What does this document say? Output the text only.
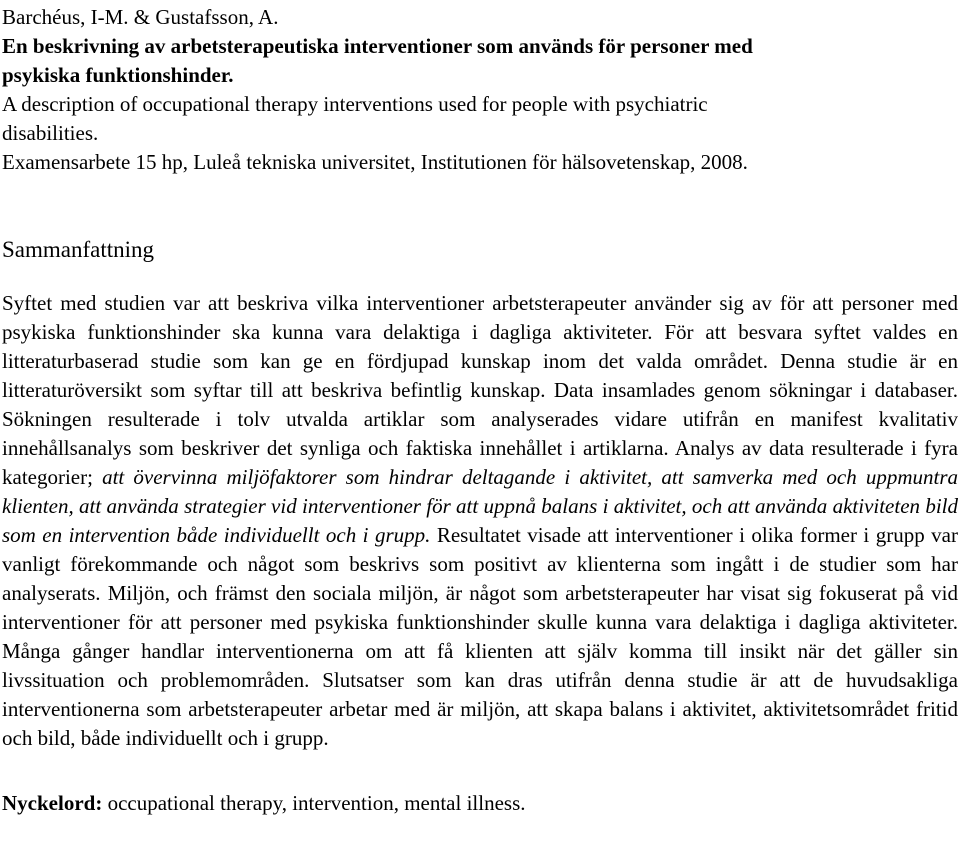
Barchéus, I-M. & Gustafsson, A.
En beskrivning av arbetsterapeutiska interventioner som används för personer med
psykiska funktionshinder.
A description of occupational therapy interventions used for people with psychiatric
disabilities.
Examensarbete 15 hp, Luleå tekniska universitet, Institutionen för hälsovetenskap, 2008.
Sammanfattning

Syftet med studien var att beskriva vilka interventioner arbetsterapeuter använder sig av för att personer med psykiska funktionshinder ska kunna vara delaktiga i dagliga aktiviteter. För att besvara syftet valdes en litteraturbaserad studie som kan ge en fördjupad kunskap inom det valda området. Denna studie är en litteraturöversikt som syftar till att beskriva befintlig kunskap. Data insamlades genom sökningar i databaser. Sökningen resulterade i tolv utvalda artiklar som analyserades vidare utifrån en manifest kvalitativ innehållsanalys som beskriver det synliga och faktiska innehållet i artiklarna. Analys av data resulterade i fyra kategorier; att övervinna miljöfaktorer som hindrar deltagande i aktivitet, att samverka med och uppmuntra klienten, att använda strategier vid interventioner för att uppnå balans i aktivitet, och att använda aktiviteten bild som en intervention både individuellt och i grupp. Resultatet visade att interventioner i olika former i grupp var vanligt förekommande och något som beskrivs som positivt av klienterna som ingått i de studier som har analyserats. Miljön, och främst den sociala miljön, är något som arbetsterapeuter har visat sig fokuserat på vid interventioner för att personer med psykiska funktionshinder skulle kunna vara delaktiga i dagliga aktiviteter. Många gånger handlar interventionerna om att få klienten att själv komma till insikt när det gäller sin livssituation och problemområden. Slutsatser som kan dras utifrån denna studie är att de huvudsakliga interventionerna som arbetsterapeuter arbetar med är miljön, att skapa balans i aktivitet, aktivitetsområdet fritid och bild, både individuellt och i grupp.

Nyckelord: occupational therapy, intervention, mental illness.
